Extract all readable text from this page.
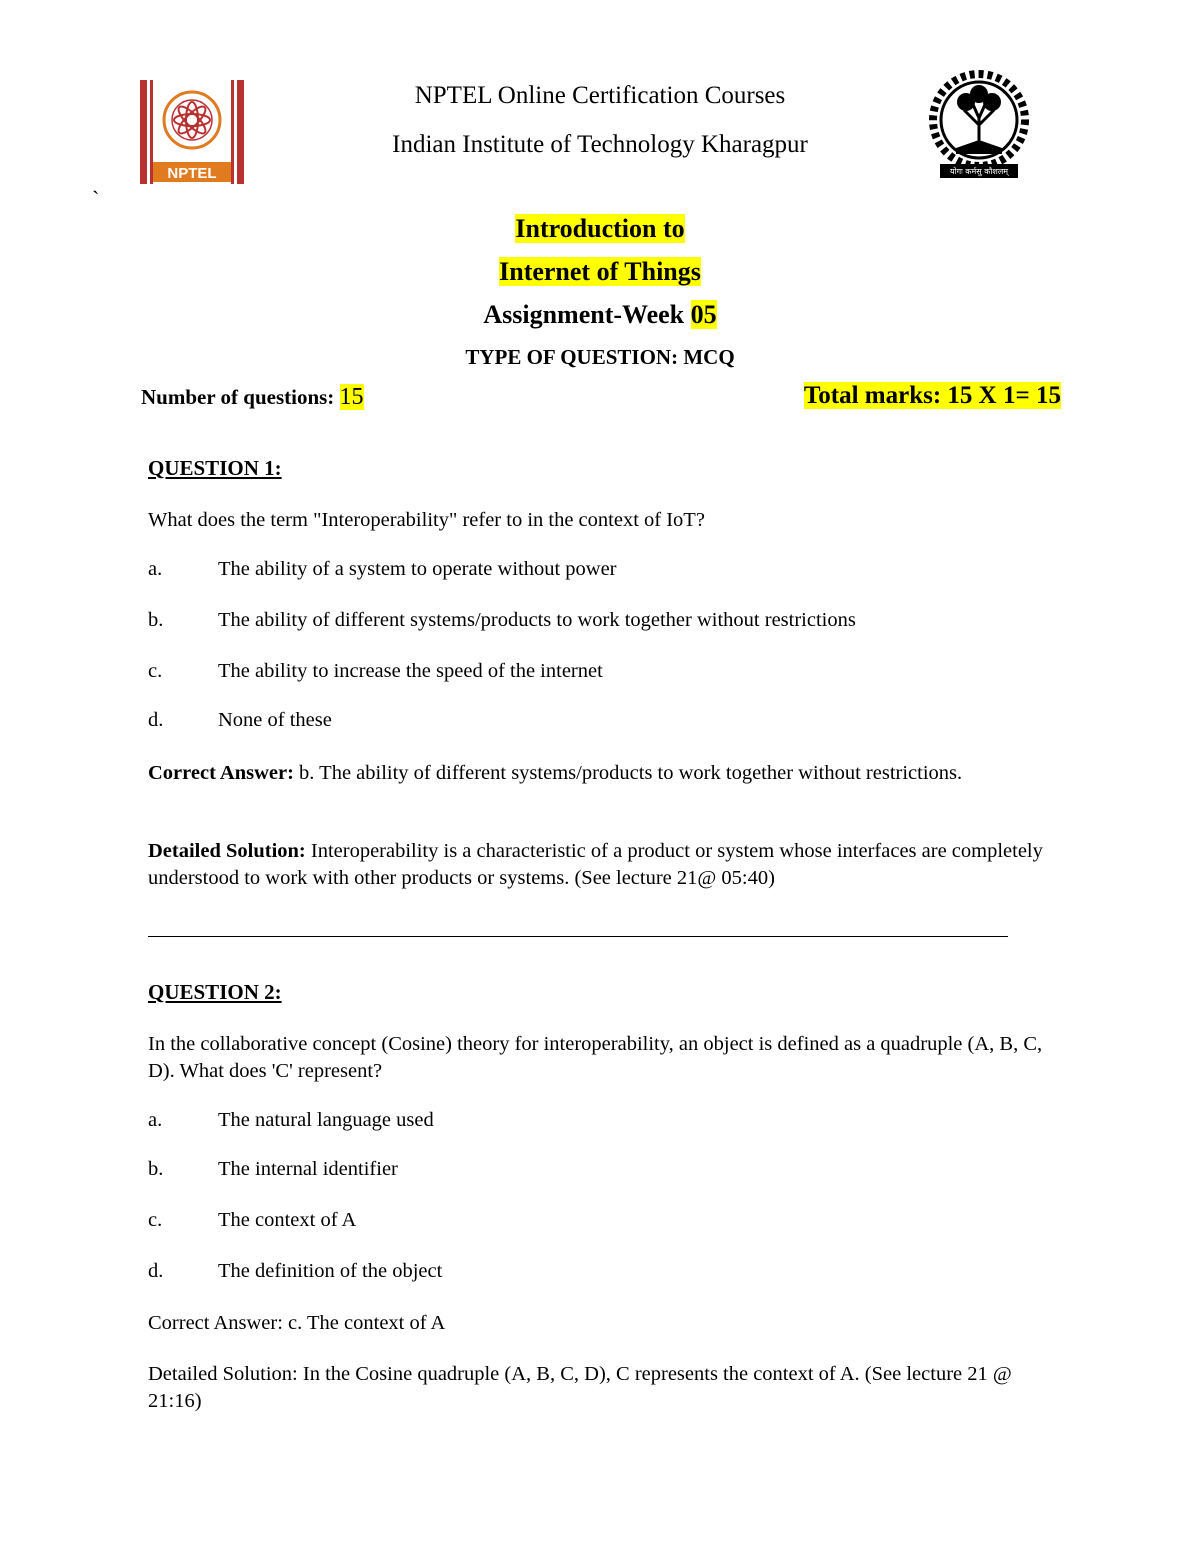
NPTEL	योगः कर्मसु कौशलम्
NPTEL Online Certification Courses
Indian Institute of Technology Kharagpur
`
Introduction to
Internet of Things
Assignment-Week 05
TYPE OF QUESTION: MCQ
Number of questions: 15	Total marks: 15 X 1= 15
QUESTION 1:
What does the term "Interoperability" refer to in the context of IoT?
a.	The ability of a system to operate without power
b.	The ability of different systems/products to work together without restrictions
c.	The ability to increase the speed of the internet
d.	None of these
Correct Answer: b. The ability of different systems/products to work together without restrictions.
Detailed Solution: Interoperability is a characteristic of a product or system whose interfaces are completely understood to work with other products or systems. (See lecture 21@ 05:40)
QUESTION 2:
In the collaborative concept (Cosine) theory for interoperability, an object is defined as a quadruple (A, B, C, D). What does 'C' represent?
a.	The natural language used
b.	The internal identifier
c.	The context of A
d.	The definition of the object
Correct Answer: c. The context of A
Detailed Solution: In the Cosine quadruple (A, B, C, D), C represents the context of A. (See lecture 21 @ 21:16)
